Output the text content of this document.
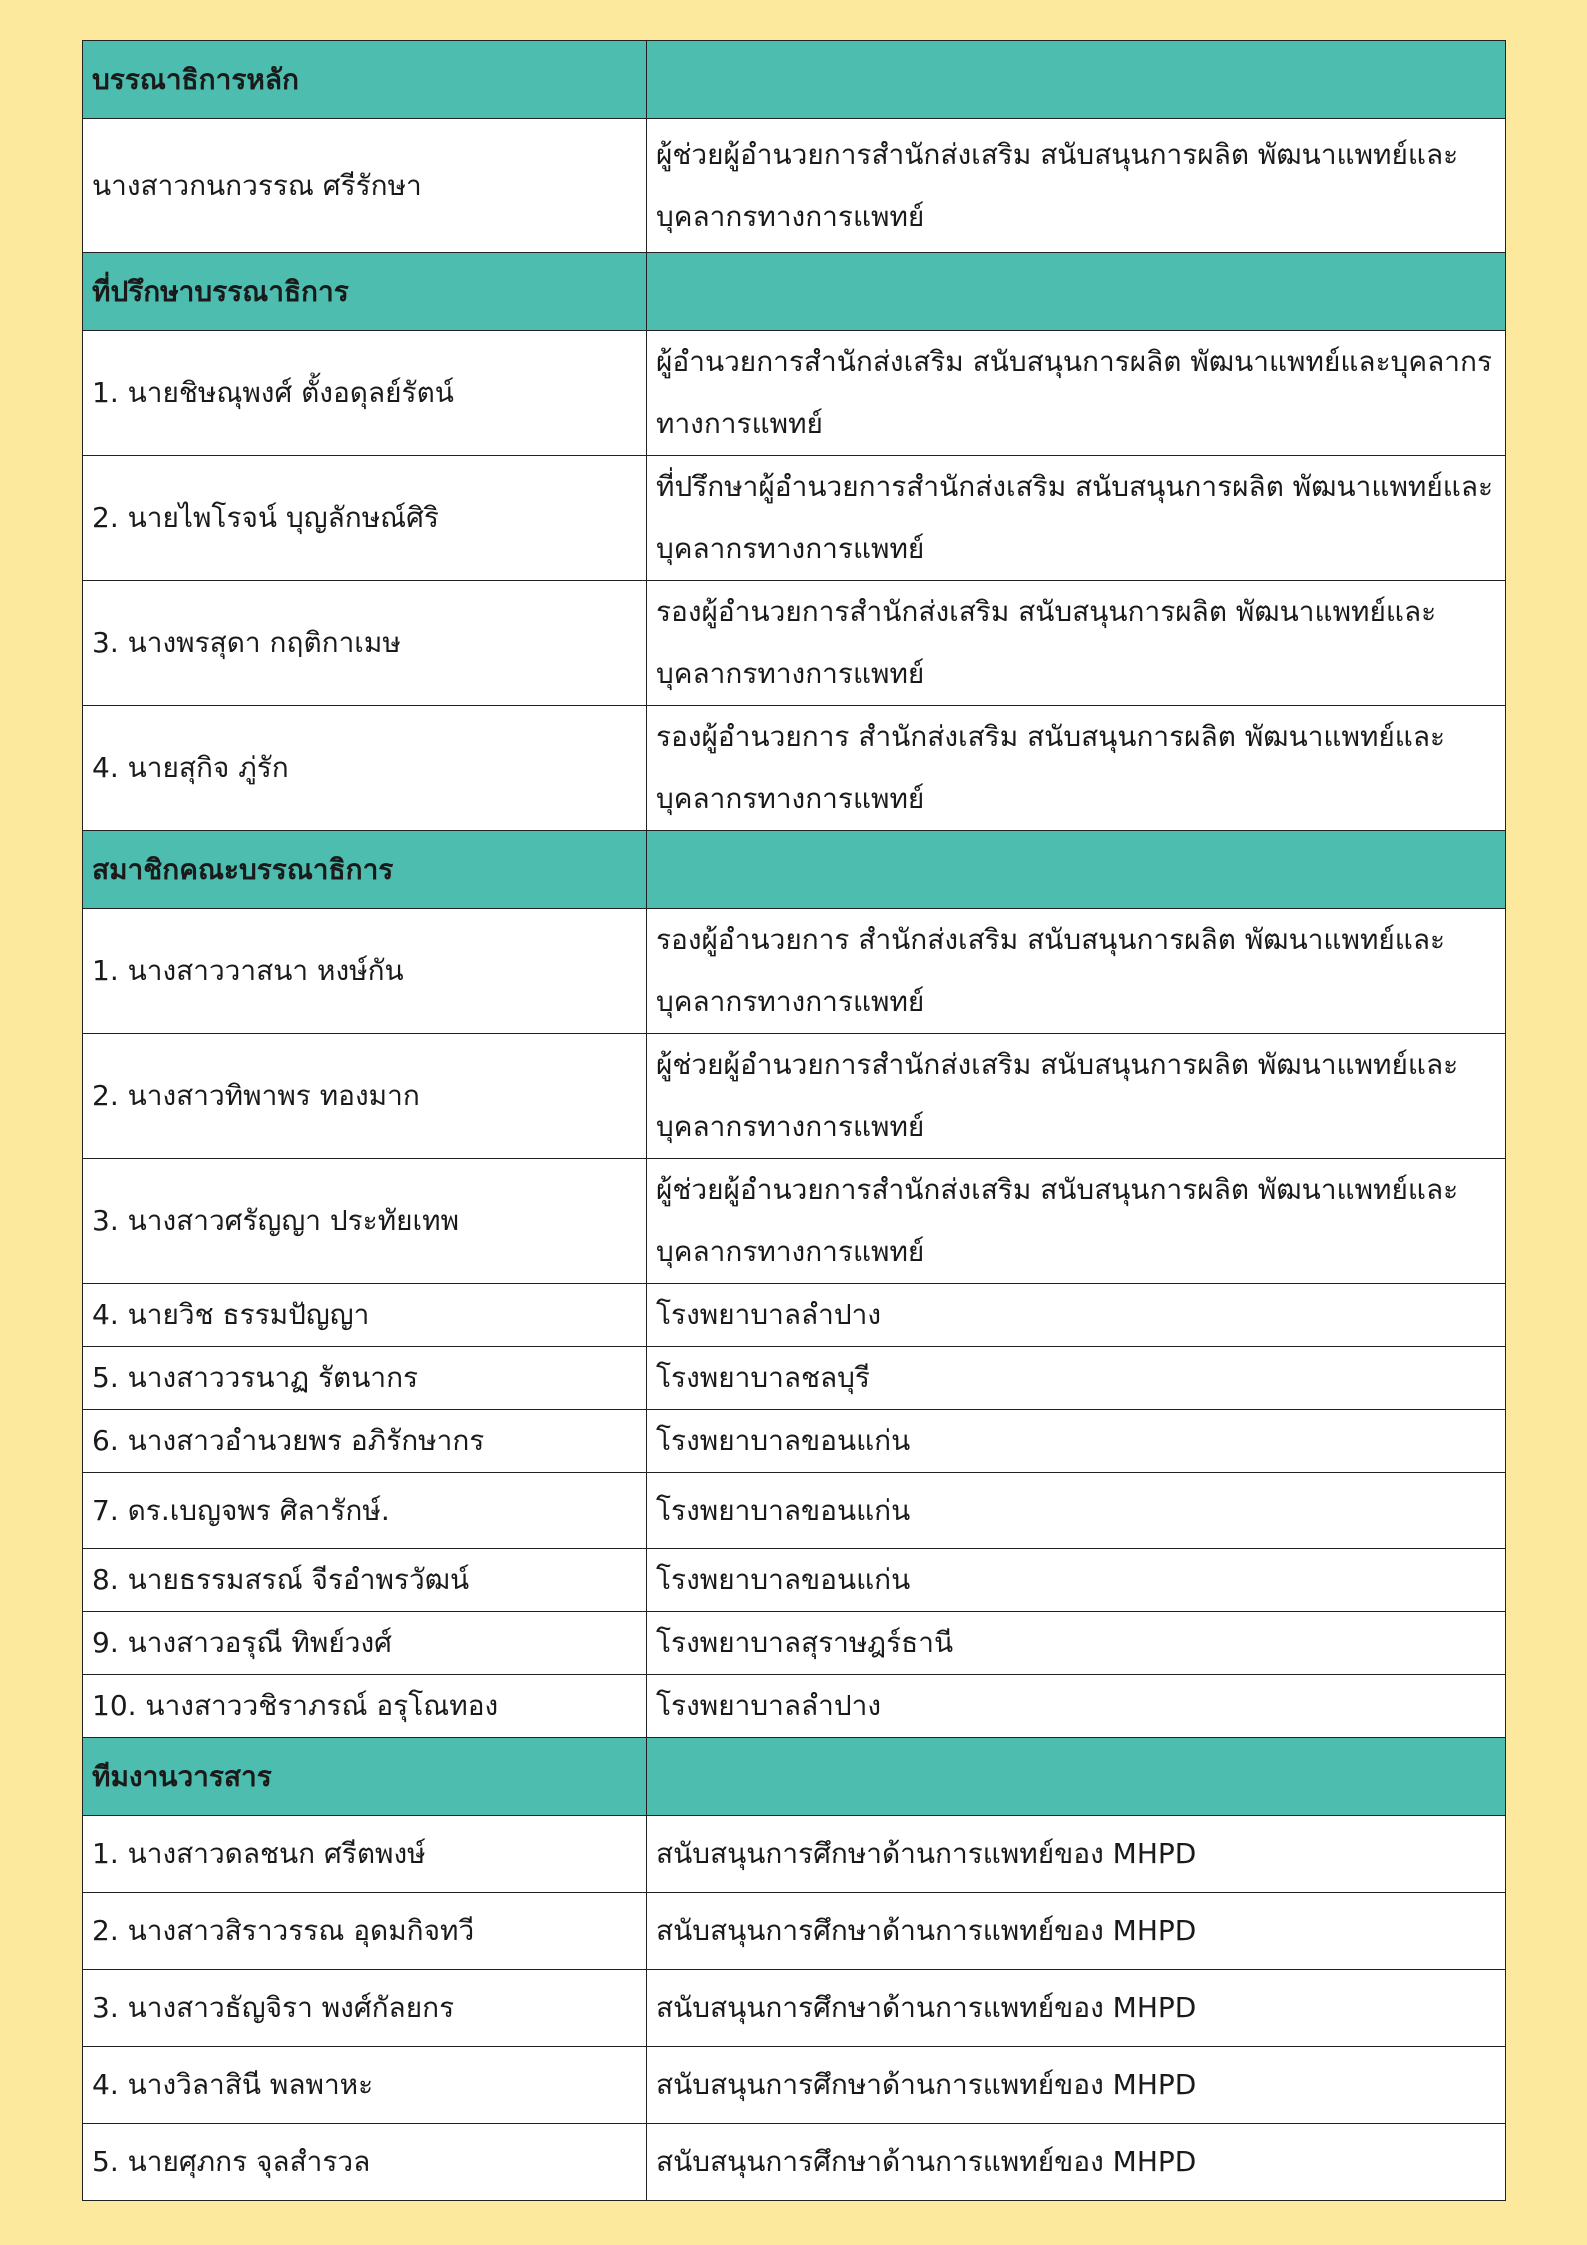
บรรณาธิการหลัก	
นางสาวกนกวรรณ ศรีรักษา	ผู้ช่วยผู้อำนวยการสำนักส่งเสริม สนับสนุนการผลิต พัฒนาแพทย์และบุคลากรทางการแพทย์
ที่ปรึกษาบรรณาธิการ	
1. นายชิษณุพงศ์ ตั้งอดุลย์รัตน์	ผู้อำนวยการสำนักส่งเสริม สนับสนุนการผลิต พัฒนาแพทย์และบุคลากรทางการแพทย์
2. นายไพโรจน์ บุญลักษณ์ศิริ	ที่ปรึกษาผู้อำนวยการสำนักส่งเสริม สนับสนุนการผลิต พัฒนาแพทย์และบุคลากรทางการแพทย์
3. นางพรสุดา กฤติกาเมษ	รองผู้อำนวยการสำนักส่งเสริม สนับสนุนการผลิต พัฒนาแพทย์และบุคลากรทางการแพทย์
4. นายสุกิจ ภู่รัก	รองผู้อำนวยการ สำนักส่งเสริม สนับสนุนการผลิต พัฒนาแพทย์และบุคลากรทางการแพทย์
สมาชิกคณะบรรณาธิการ	
1. นางสาววาสนา หงษ์กัน	รองผู้อำนวยการ สำนักส่งเสริม สนับสนุนการผลิต พัฒนาแพทย์และบุคลากรทางการแพทย์
2. นางสาวทิพาพร ทองมาก	ผู้ช่วยผู้อำนวยการสำนักส่งเสริม สนับสนุนการผลิต พัฒนาแพทย์และบุคลากรทางการแพทย์
3. นางสาวศรัญญา ประทัยเทพ	ผู้ช่วยผู้อำนวยการสำนักส่งเสริม สนับสนุนการผลิต พัฒนาแพทย์และบุคลากรทางการแพทย์
4. นายวิช ธรรมปัญญา	โรงพยาบาลลำปาง
5. นางสาววรนาฏ รัตนากร	โรงพยาบาลชลบุรี
6. นางสาวอำนวยพร อภิรักษากร	โรงพยาบาลขอนแก่น
7. ดร.เบญจพร ศิลารักษ์.	โรงพยาบาลขอนแก่น
8. นายธรรมสรณ์ จีรอำพรวัฒน์	โรงพยาบาลขอนแก่น
9. นางสาวอรุณี ทิพย์วงศ์	โรงพยาบาลสุราษฎร์ธานี
10. นางสาววชิราภรณ์ อรุโณทอง	โรงพยาบาลลำปาง
ทีมงานวารสาร	
1. นางสาวดลชนก ศรีตพงษ์	สนับสนุนการศึกษาด้านการแพทย์ของ MHPD
2. นางสาวสิราวรรณ อุดมกิจทวี	สนับสนุนการศึกษาด้านการแพทย์ของ MHPD
3. นางสาวธัญจิรา พงศ์กัลยกร	สนับสนุนการศึกษาด้านการแพทย์ของ MHPD
4. นางวิลาสินี พลพาหะ	สนับสนุนการศึกษาด้านการแพทย์ของ MHPD
5. นายศุภกร จุลสำรวล	สนับสนุนการศึกษาด้านการแพทย์ของ MHPD
